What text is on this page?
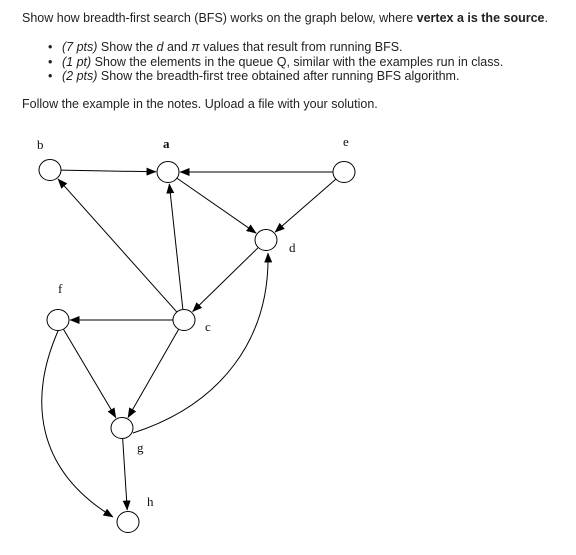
Show how breadth-first search (BFS) works on the graph below, where vertex a is the source.
• (7 pts) Show the d and π values that result from running BFS.
• (1 pt) Show the elements in the queue Q, similar with the examples run in class.
• (2 pts) Show the breadth-first tree obtained after running BFS algorithm.
Follow the example in the notes. Upload a file with your solution.
b	a	e
d
f
c
g
h
